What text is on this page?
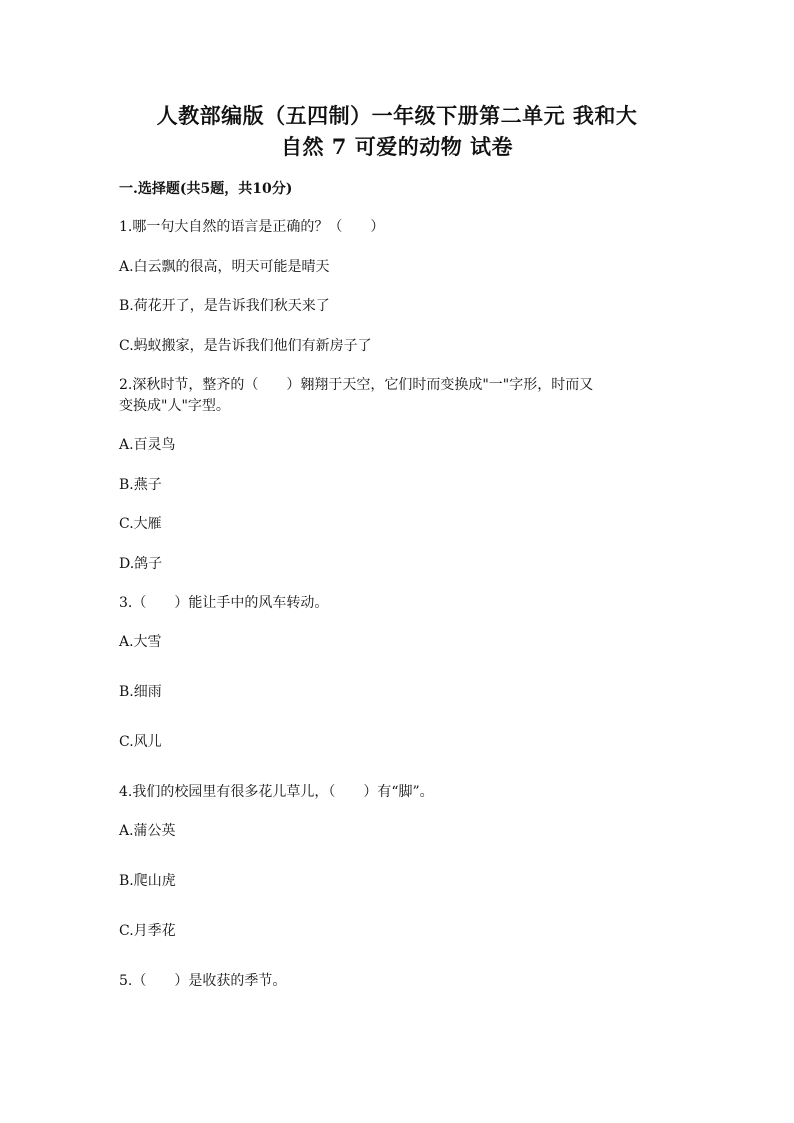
人教部编版（五四制）一年级下册第二单元 我和大
自然 7 可爱的动物 试卷
一.选择题(共5题，共10分)
1.哪一句大自然的语言是正确的？（　　）
A.白云飘的很高，明天可能是晴天
B.荷花开了，是告诉我们秋天来了
C.蚂蚁搬家，是告诉我们他们有新房子了
2.深秋时节，整齐的（　　）翱翔于天空，它们时而变换成"一"字形，时而又
变换成"人"字型。
A.百灵鸟
B.燕子
C.大雁
D.鸽子
3.（　　）能让手中的风车转动。
A.大雪
B.细雨
C.风儿
4.我们的校园里有很多花儿草儿，（　　）有“脚”。
A.蒲公英
B.爬山虎
C.月季花
5.（　　）是收获的季节。
